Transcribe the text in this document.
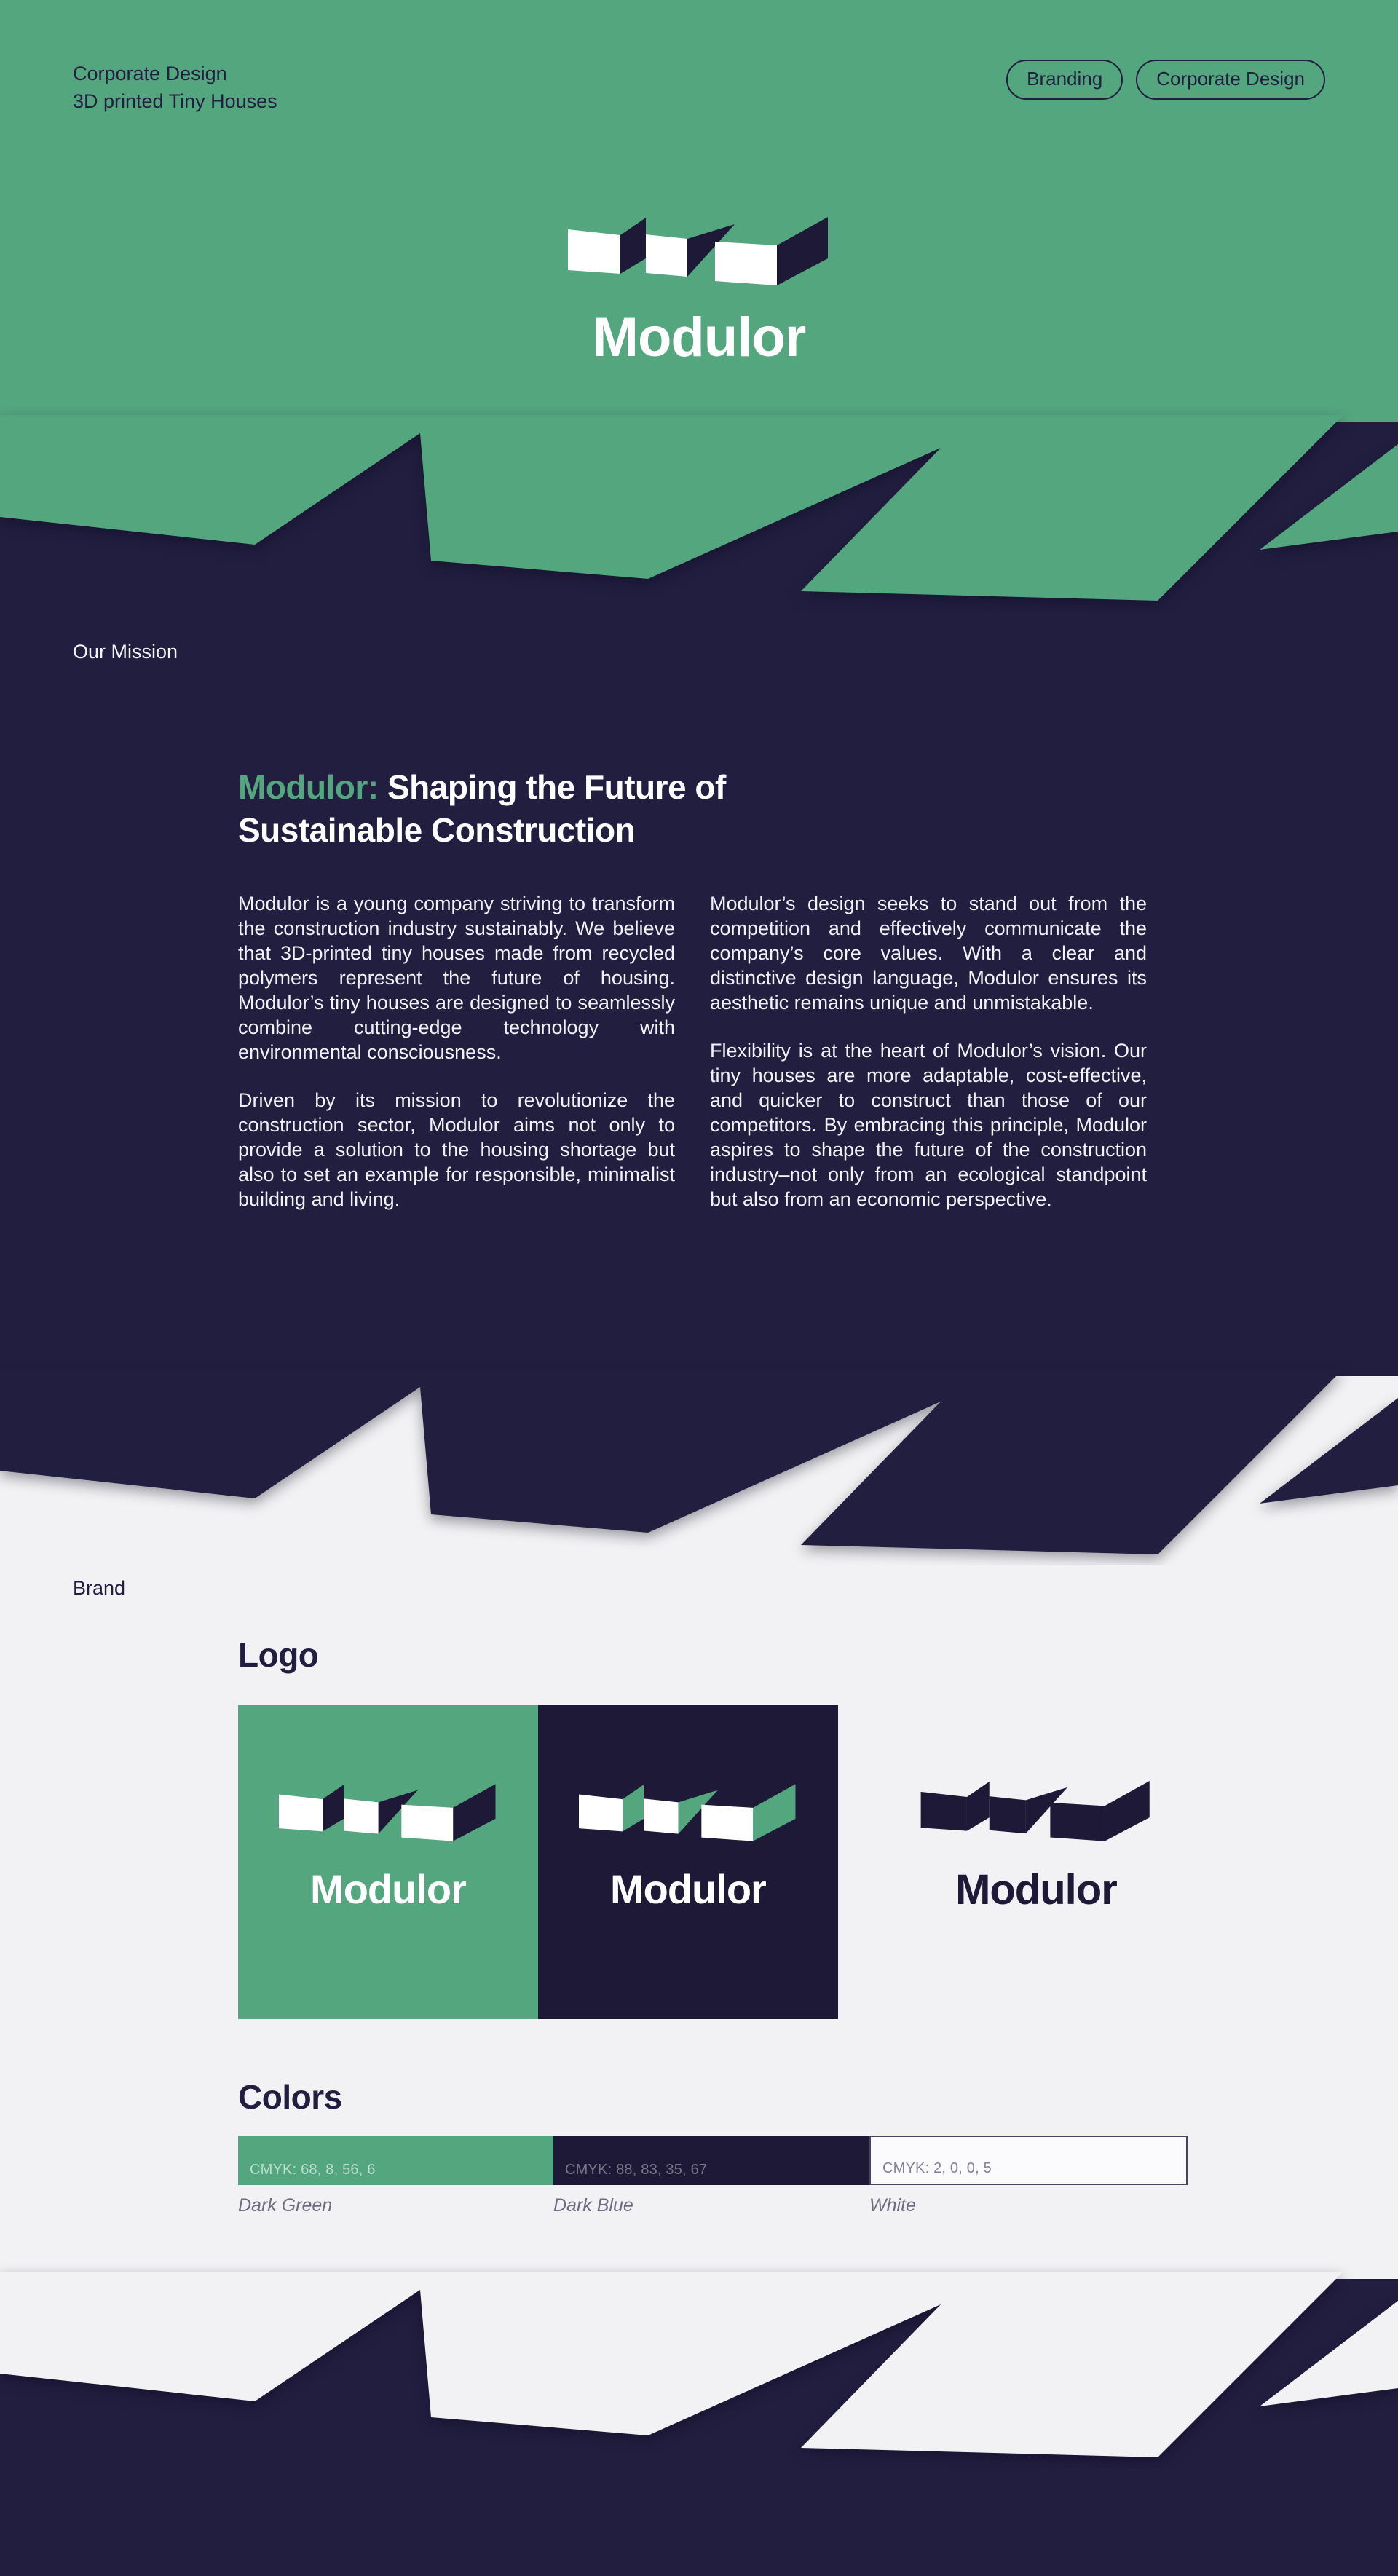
Corporate Design
3D printed Tiny Houses
Branding	Corporate Design
Modulor
Our Mission
Modulor: Shaping the Future of Sustainable Construction

Modulor is a young company striving to transform the construction industry sustainably. We believe that 3D-printed tiny houses made from recycled polymers represent the future of housing. Modulor’s tiny houses are designed to seamlessly combine cutting-edge technology with environmental consciousness.

Driven by its mission to revolutionize the construction sector, Modulor aims not only to provide a solution to the housing shortage but also to set an example for responsible, minimalist building and living.

Modulor’s design seeks to stand out from the competition and effectively communicate the company’s core values. With a clear and distinctive design language, Modulor ensures its aesthetic remains unique and unmistakable.

Flexibility is at the heart of Modulor’s vision. Our tiny houses are more adaptable, cost-effective, and quicker to construct than those of our competitors. By embracing this principle, Modulor aspires to shape the future of the construction industry–not only from an ecological standpoint but also from an economic perspective.

Brand
Logo
Modulor	Modulor	Modulor
Colors
CMYK: 68, 8, 56, 6	CMYK: 88, 83, 35, 67	CMYK: 2, 0, 0, 5
Dark Green	Dark Blue	White
